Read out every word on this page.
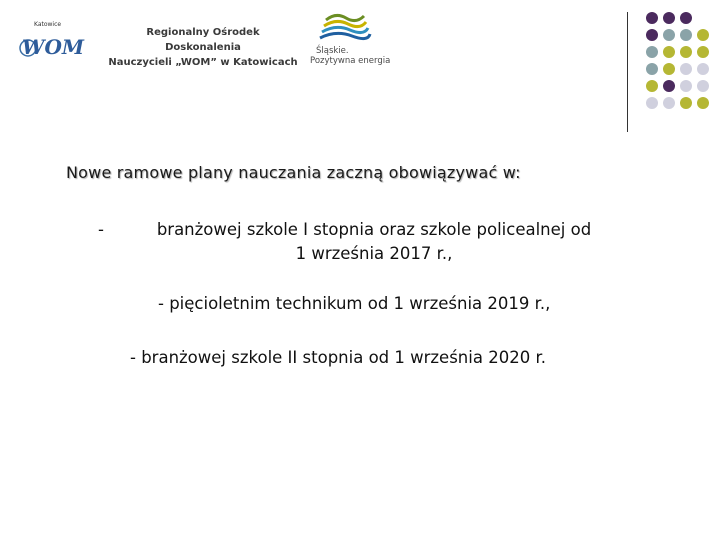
Katowice
WOM
Regionalny Ośrodek Doskonalenia
Nauczycieli „WOM” w Katowicach
Śląskie.
Pozytywna energia
Nowe ramowe plany nauczania zaczną obowiązywać w:
-	branżowej szkole I stopnia oraz szkole policealnej od
1 września 2017 r.,
- pięcioletnim technikum od 1 września 2019 r.,
- branżowej szkole II stopnia od 1 września 2020 r.
